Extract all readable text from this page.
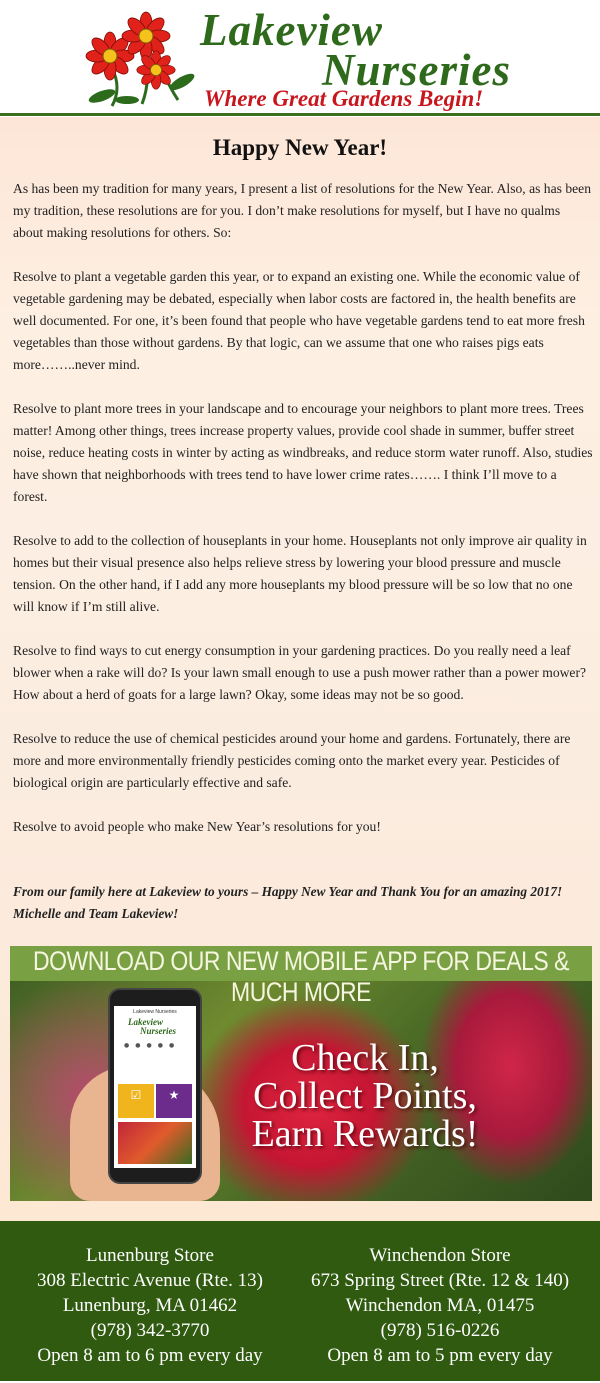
Lakeview
Nurseries
Where Great Gardens Begin!
Happy New Year!

As has been my tradition for many years, I present a list of resolutions for the New Year. Also, as has been my tradition, these resolutions are for you. I don’t make resolutions for myself, but I have no qualms about making resolutions for others. So:

Resolve to plant a vegetable garden this year, or to expand an existing one. While the economic value of vegetable gardening may be debated, especially when labor costs are factored in, the health benefits are well documented. For one, it’s been found that people who have vegetable gardens tend to eat more fresh vegetables than those without gardens. By that logic, can we assume that one who raises pigs eats more……..never mind.

Resolve to plant more trees in your landscape and to encourage your neighbors to plant more trees. Trees matter! Among other things, trees increase property values, provide cool shade in summer, buffer street noise, reduce heating costs in winter by acting as windbreaks, and reduce storm water runoff. Also, studies have shown that neighborhoods with trees tend to have lower crime rates……. I think I’ll move to a forest.

Resolve to add to the collection of houseplants in your home. Houseplants not only improve air quality in homes but their visual presence also helps relieve stress by lowering your blood pressure and muscle tension. On the other hand, if I add any more houseplants my blood pressure will be so low that no one will know if I’m still alive.

Resolve to find ways to cut energy consumption in your gardening practices. Do you really need a leaf blower when a rake will do? Is your lawn small enough to use a push mower rather than a power mower? How about a herd of goats for a large lawn? Okay, some ideas may not be so good.

Resolve to reduce the use of chemical pesticides around your home and gardens. Fortunately, there are more and more environmentally friendly pesticides coming onto the market every year. Pesticides of biological origin are particularly effective and safe.

Resolve to avoid people who make New Year’s resolutions for you!

From our family here at Lakeview to yours – Happy New Year and Thank You for an amazing 2017!

Michelle and Team Lakeview!

DOWNLOAD OUR NEW MOBILE APP FOR DEALS & MUCH MORE
Lakeview Nurseries
Lakeview
Nurseries
●●●●●
☑	★
Check In,
Collect Points,
Earn Rewards!
Lunenburg Store
308 Electric Avenue (Rte. 13)
Lunenburg, MA 01462
(978) 342-3770
Open 8 am to 6 pm every day
Winchendon Store
673 Spring Street (Rte. 12 & 140)
Winchendon MA, 01475
(978) 516-0226
Open 8 am to 5 pm every day
